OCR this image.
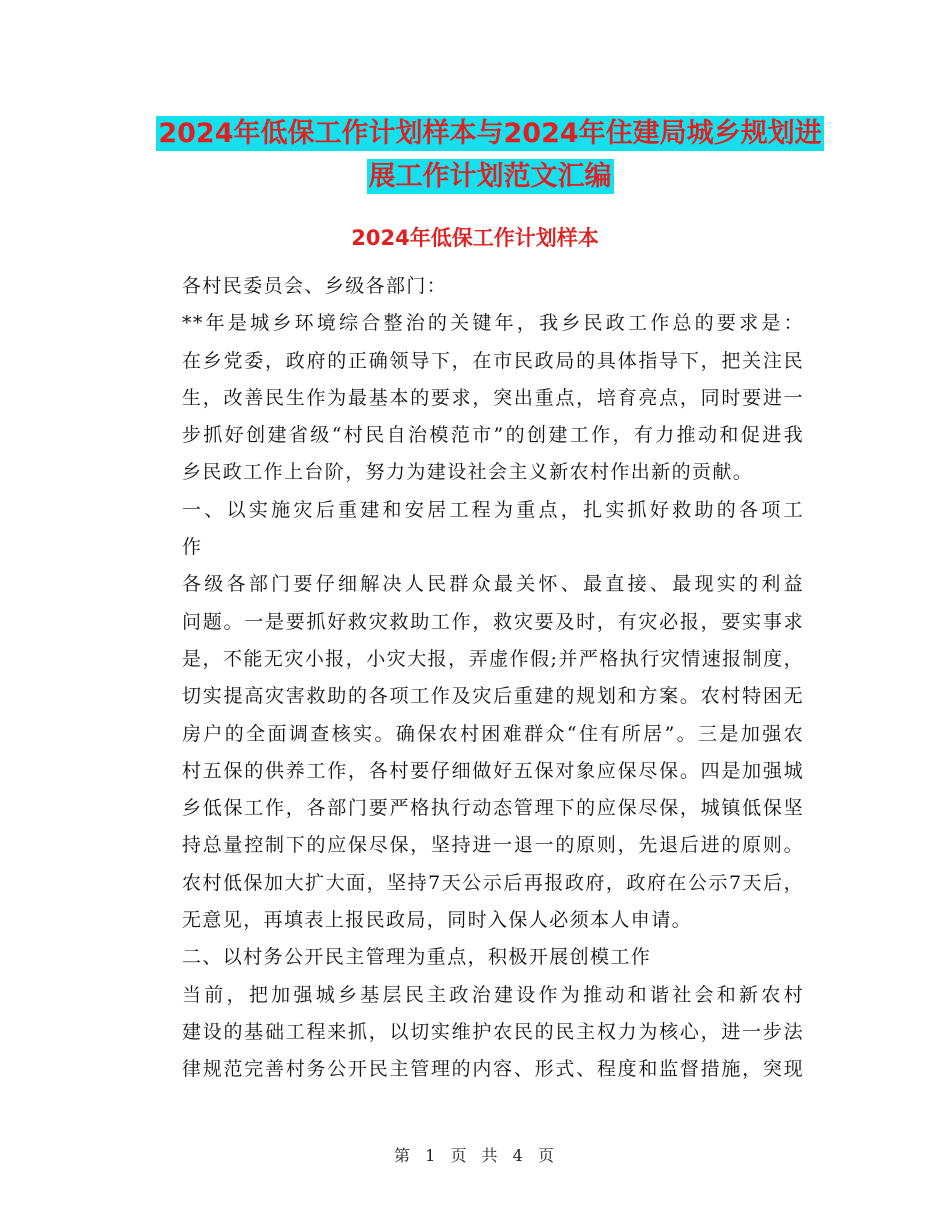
2024年低保工作计划样本与2024年住建局城乡规划进
展工作计划范文汇编
2024年低保工作计划样本

各村民委员会、乡级各部门：

**年是城乡环境综合整治的关键年，我乡民政工作总的要求是：
在乡党委，政府的正确领导下，在市民政局的具体指导下，把关注民
生，改善民生作为最基本的要求，突出重点，培育亮点，同时要进一
步抓好创建省级“村民自治模范市”的创建工作，有力推动和促进我
乡民政工作上台阶，努力为建设社会主义新农村作出新的贡献。

一、以实施灾后重建和安居工程为重点，扎实抓好救助的各项工
作

各级各部门要仔细解决人民群众最关怀、最直接、最现实的利益
问题。一是要抓好救灾救助工作，救灾要及时，有灾必报，要实事求
是，不能无灾小报，小灾大报，弄虚作假;并严格执行灾情速报制度，
切实提高灾害救助的各项工作及灾后重建的规划和方案。农村特困无
房户的全面调查核实。确保农村困难群众“住有所居”。三是加强农
村五保的供养工作，各村要仔细做好五保对象应保尽保。四是加强城
乡低保工作，各部门要严格执行动态管理下的应保尽保，城镇低保坚
持总量控制下的应保尽保，坚持进一退一的原则，先退后进的原则。
农村低保加大扩大面，坚持7天公示后再报政府，政府在公示7天后，
无意见，再填表上报民政局，同时入保人必须本人申请。

二、以村务公开民主管理为重点，积极开展创模工作

当前，把加强城乡基层民主政治建设作为推动和谐社会和新农村
建设的基础工程来抓，以切实维护农民的民主权力为核心，进一步法
律规范完善村务公开民主管理的内容、形式、程度和监督措施，突现

第 1 页 共 4 页
